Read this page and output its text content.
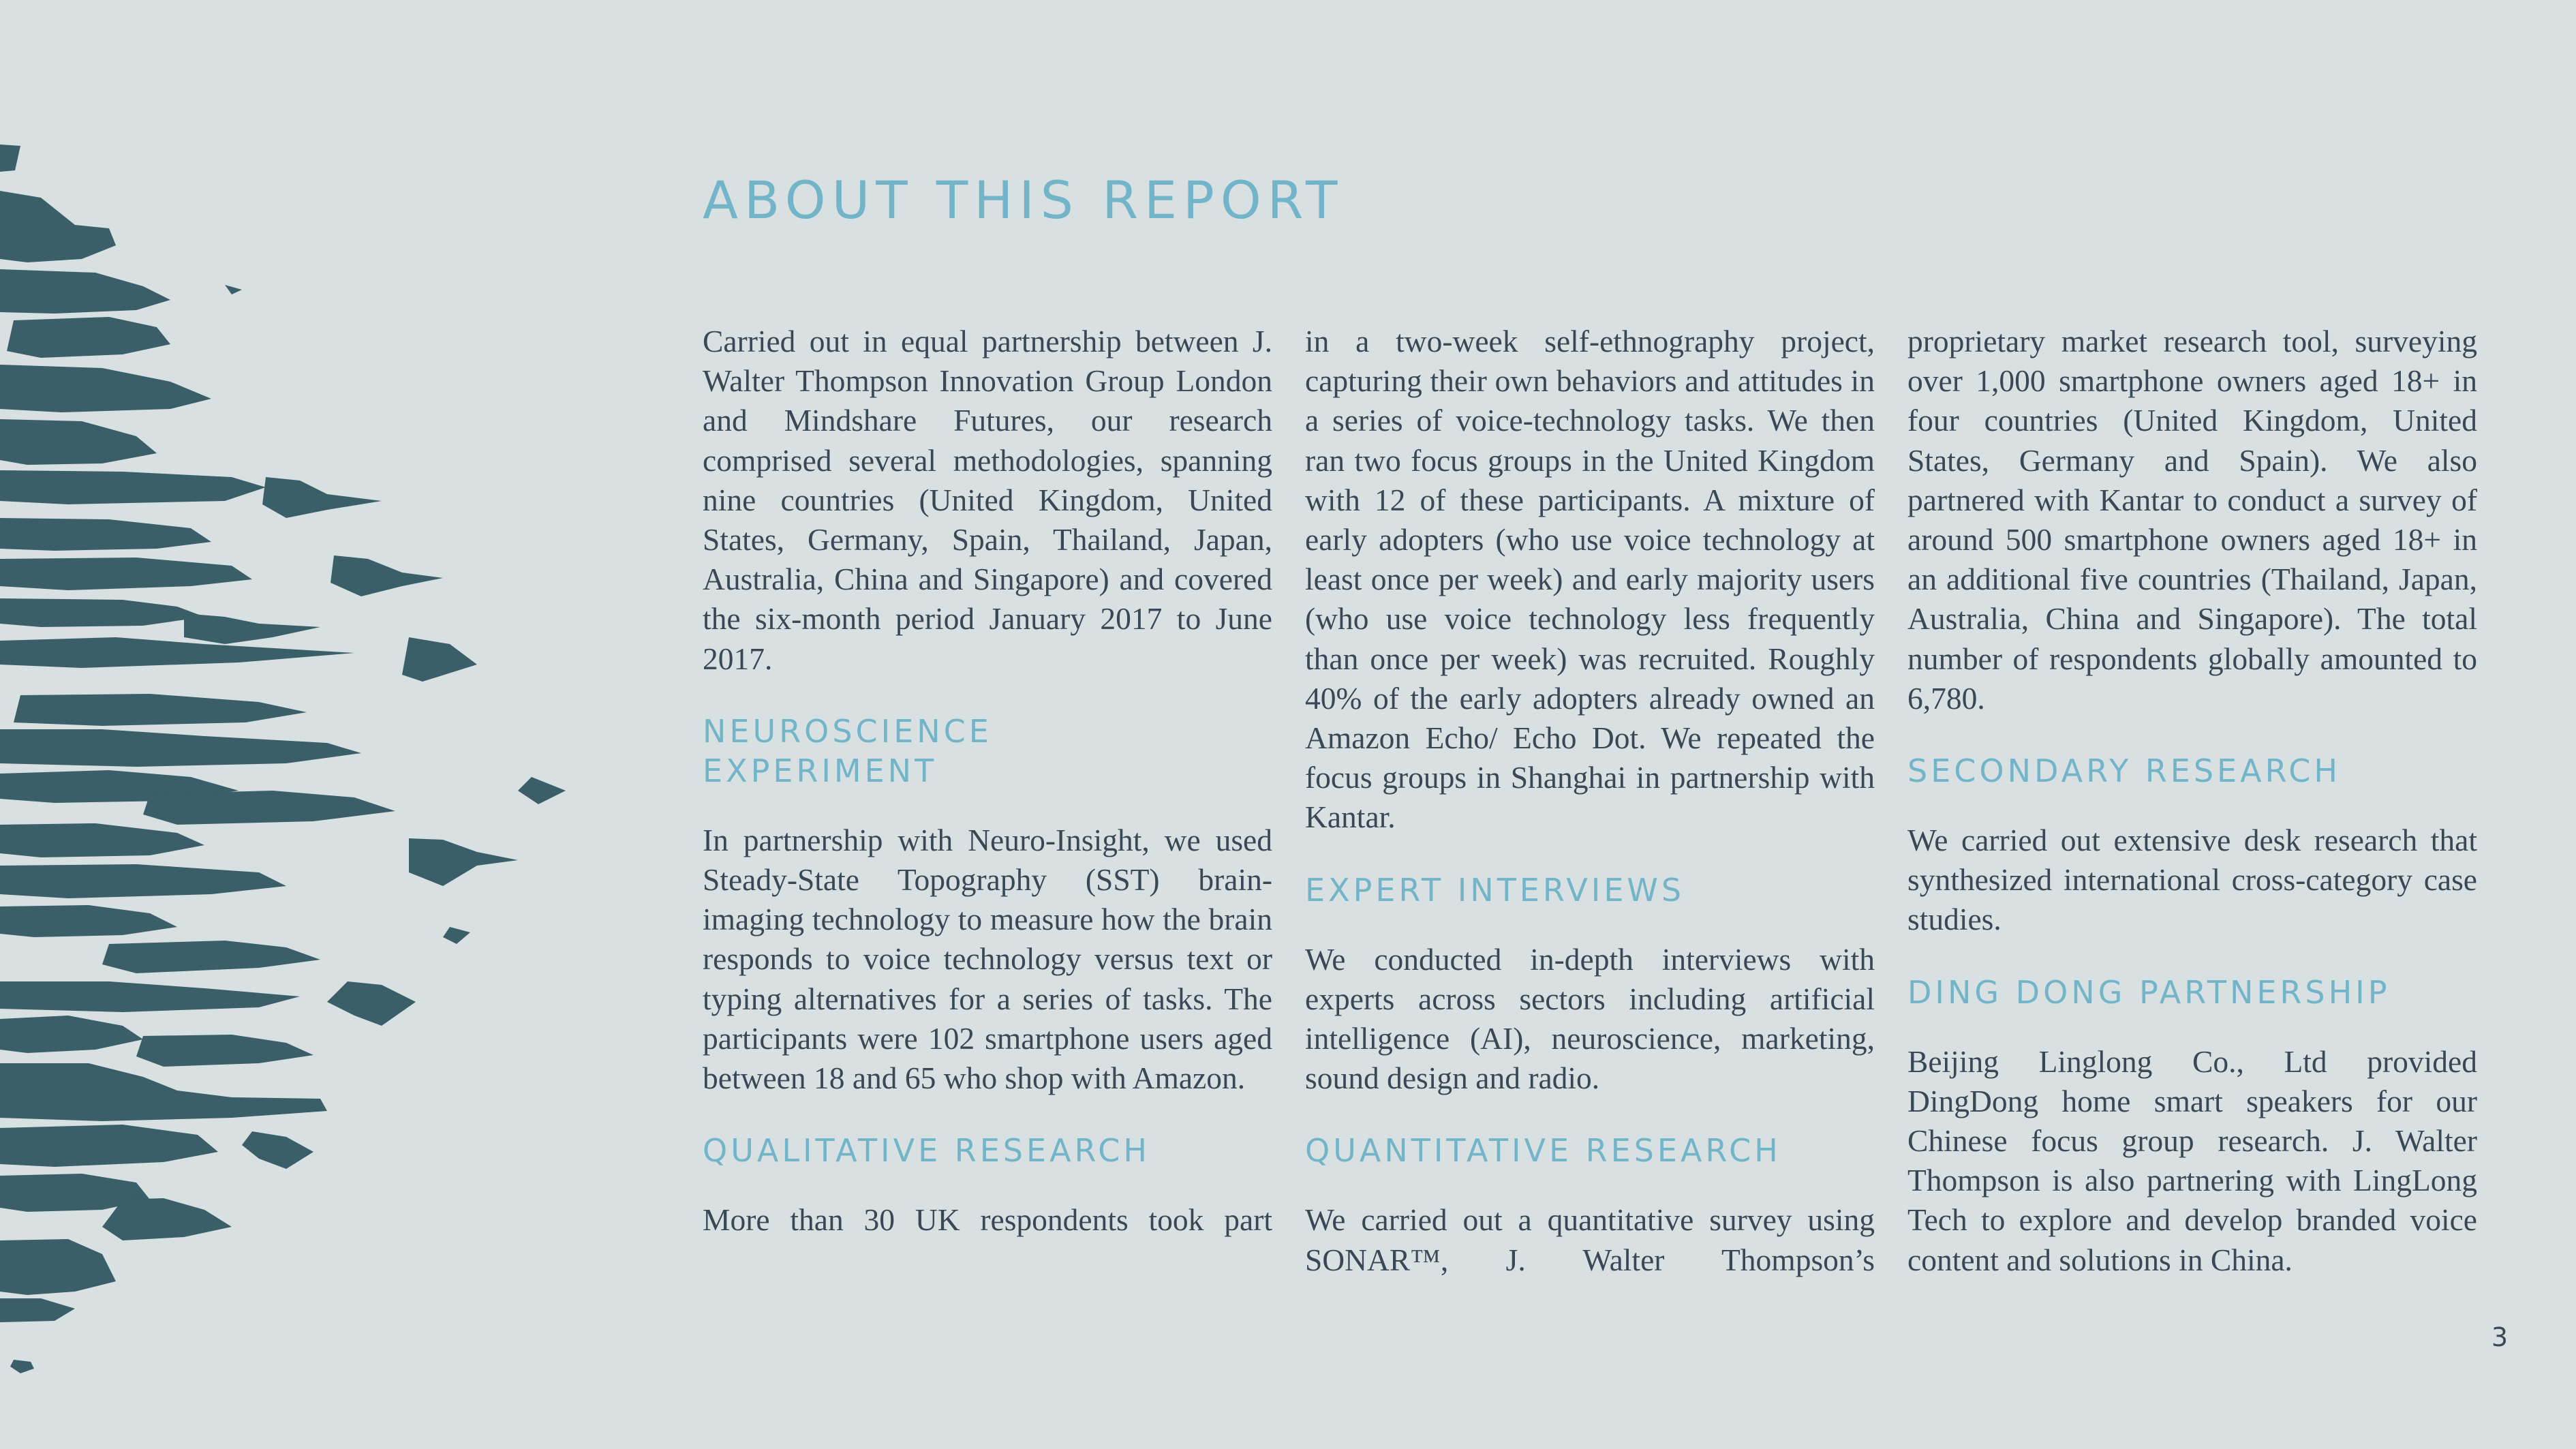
ABOUT THIS REPORT

Carried out in equal partnership between J. Walter Thompson Innovation Group London and Mindshare Futures, our research comprised several methodologies, spanning nine countries (United Kingdom, United States, Germany, Spain, Thailand, Japan, Australia, China and Singapore) and covered the six-month period January 2017 to June 2017.

NEUROSCIENCE
EXPERIMENT

In partnership with Neuro-Insight, we used Steady-State Topography (SST) brain-imaging technology to measure how the brain responds to voice technology versus text or typing alternatives for a series of tasks. The participants were 102 smartphone users aged between 18 and 65 who shop with Amazon.

QUALITATIVE RESEARCH

More than 30 UK respondents took part

in a two-week self-ethnography project, capturing their own behaviors and attitudes in a series of voice-technology tasks. We then ran two focus groups in the United Kingdom with 12 of these participants. A mixture of early adopters (who use voice technology at least once per week) and early majority users (who use voice technology less frequently than once per week) was recruited. Roughly 40% of the early adopters already owned an Amazon Echo/ Echo Dot. We repeated the focus groups in Shanghai in partnership with Kantar.

EXPERT INTERVIEWS

We conducted in-depth interviews with experts across sectors including artificial intelligence (AI), neuroscience, marketing, sound design and radio.

QUANTITATIVE RESEARCH

We carried out a quantitative survey using SONAR™, J. Walter Thompson’s

proprietary market research tool, surveying over 1,000 smartphone owners aged 18+ in four countries (United Kingdom, United States, Germany and Spain). We also partnered with Kantar to conduct a survey of around 500 smartphone owners aged 18+ in an additional five countries (Thailand, Japan, Australia, China and Singapore). The total number of respondents globally amounted to 6,780.

SECONDARY RESEARCH

We carried out extensive desk research that synthesized international cross-category case studies.

DING DONG PARTNERSHIP

Beijing Linglong Co., Ltd provided DingDong home smart speakers for our Chinese focus group research. J. Walter Thompson is also partnering with LingLong Tech to explore and develop branded voice content and solutions in China.

3
